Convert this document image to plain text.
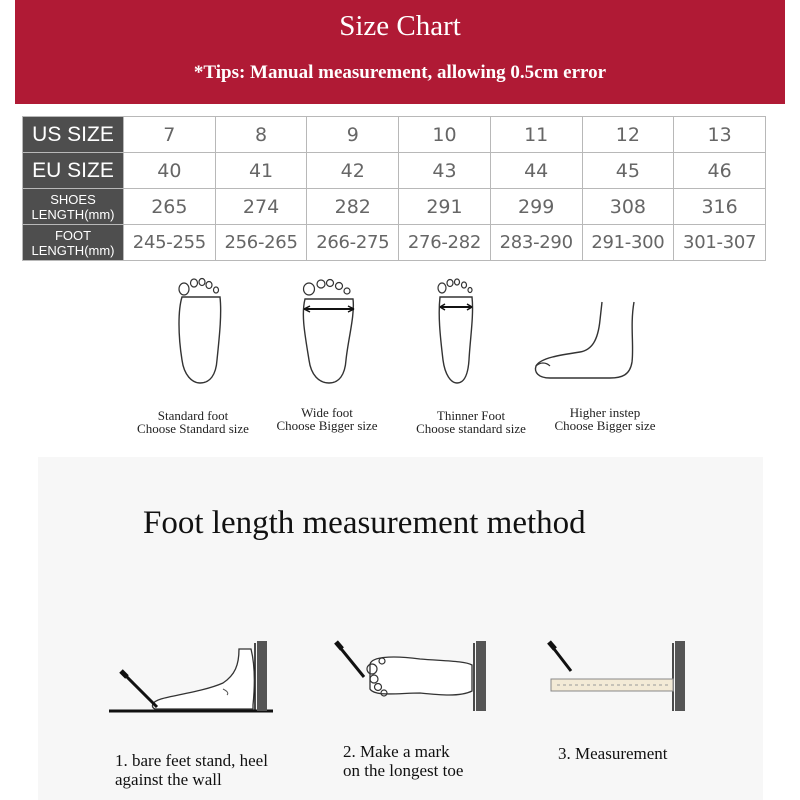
Size Chart
*Tips: Manual measurement, allowing 0.5cm error
US SIZE	7	8	9	10	11	12	13
EU SIZE	40	41	42	43	44	45	46

SHOES
LENGTH(mm)	265	274	282	291	299	308	316

FOOT
LENGTH(mm)	245-255	256-265	266-275	276-282	283-290	291-300	301-307
Standard foot
Choose Standard size
Wide foot
Choose Bigger size
Thinner Foot
Choose standard size
Higher instep
Choose Bigger size
Foot length measurement method
1. bare feet stand, heel
against the wall
2. Make a mark
on the longest toe
3. Measurement
